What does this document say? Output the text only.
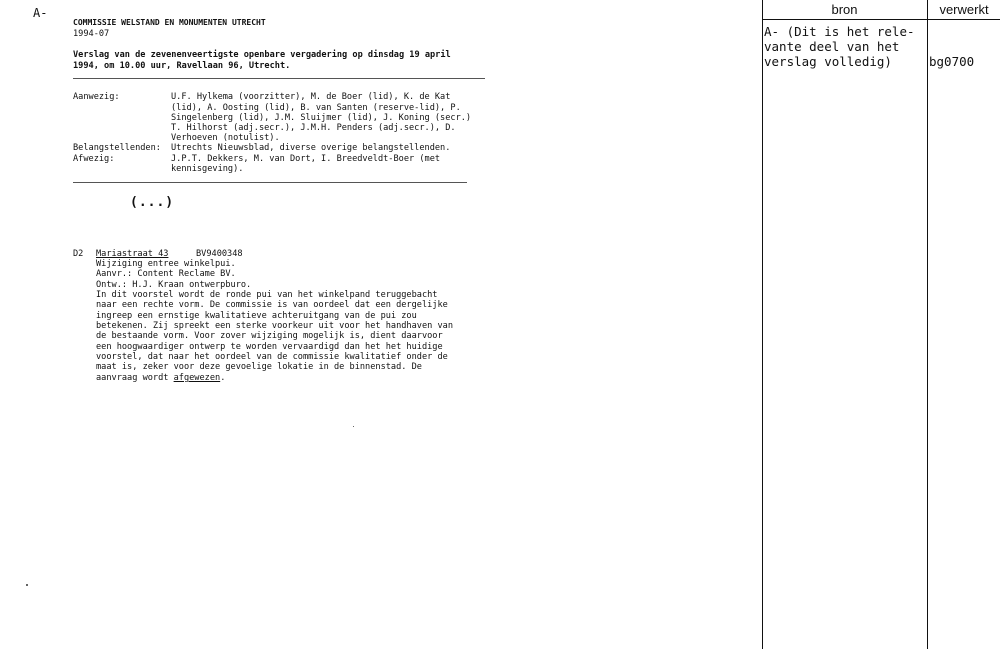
A-
COMMISSIE WELSTAND EN MONUMENTEN UTRECHT
1994-07
Verslag van de zevenenveertigste openbare vergadering op dinsdag 19 april
1994, om 10.00 uur, Ravellaan 96, Utrecht.
Aanwezig:	U.F. Hylkema (voorzitter), M. de Boer (lid), K. de Kat
(lid), A. Oosting (lid), B. van Santen (reserve-lid), P.
Singelenberg (lid), J.M. Sluijmer (lid), J. Koning (secr.)
T. Hilhorst (adj.secr.), J.M.H. Penders (adj.secr.), D.
Verhoeven (notulist).
Belangstellenden: Utrechts Nieuwsblad, diverse overige belangstellenden.
Afwezig:	J.P.T. Dekkers, M. van Dort, I. Breedveldt-Boer (met
kennisgeving).
(...)
D2 Mariastraat 43	BV9400348
Wijziging entree winkelpui.
Aanvr.: Content Reclame BV.
Ontw.: H.J. Kraan ontwerpburo.
In dit voorstel wordt de ronde pui van het winkelpand teruggebacht
naar een rechte vorm. De commissie is van oordeel dat een dergelijke
ingreep een ernstige kwalitatieve achteruitgang van de pui zou
betekenen. Zij spreekt een sterke voorkeur uit voor het handhaven van
de bestaande vorm. Voor zover wijziging mogelijk is, dient daarvoor
een hoogwaardiger ontwerp te worden vervaardigd dan het het huidige
voorstel, dat naar het oordeel van de commissie kwalitatief onder de
maat is, zeker voor deze gevoelige lokatie in de binnenstad. De
aanvraag wordt afgewezen.
bron	verwerkt
A- (Dit is het rele-
vante deel van het
verslag volledig)	bg0700
